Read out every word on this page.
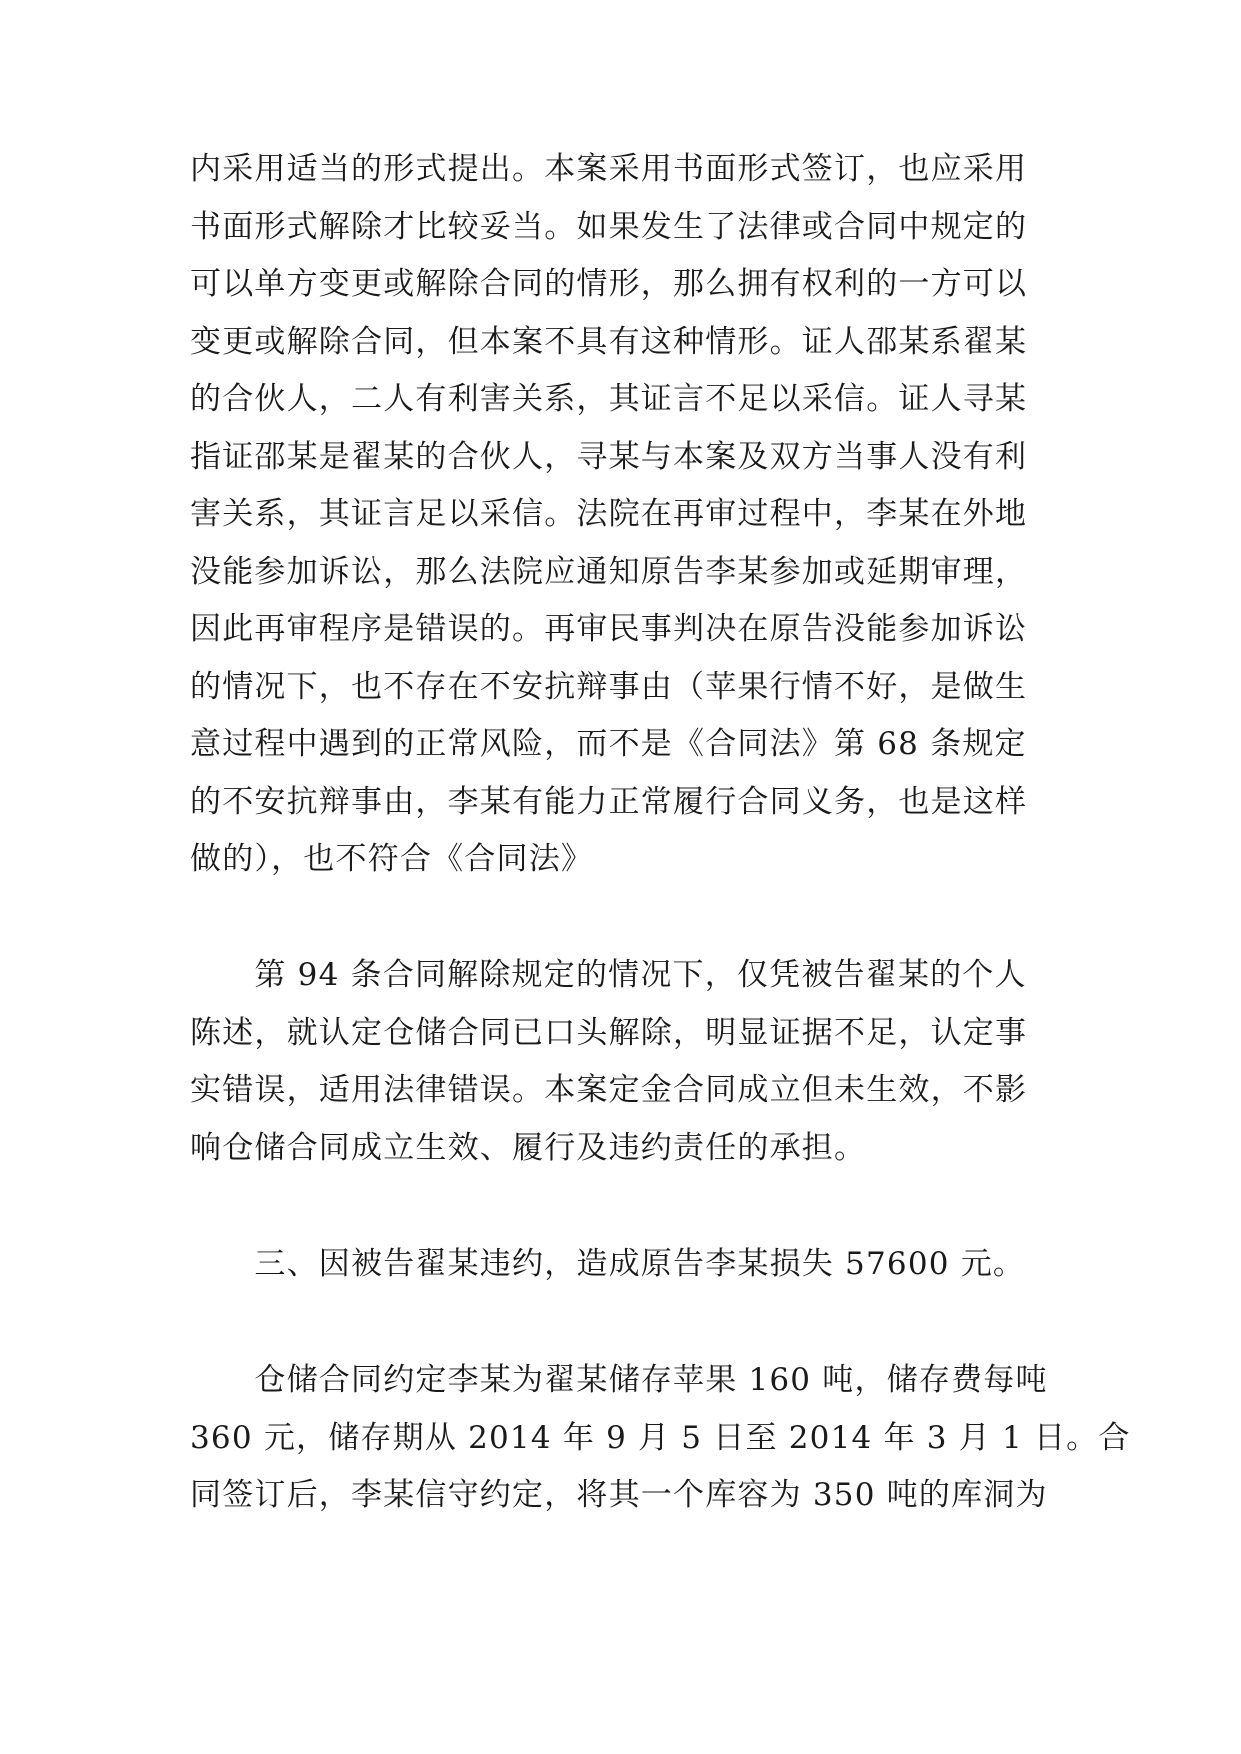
内采用适当的形式提出。本案采用书面形式签订，也应采用
书面形式解除才比较妥当。如果发生了法律或合同中规定的
可以单方变更或解除合同的情形，那么拥有权利的一方可以
变更或解除合同，但本案不具有这种情形。证人邵某系翟某
的合伙人，二人有利害关系，其证言不足以采信。证人寻某
指证邵某是翟某的合伙人，寻某与本案及双方当事人没有利
害关系，其证言足以采信。法院在再审过程中，李某在外地
没能参加诉讼，那么法院应通知原告李某参加或延期审理，
因此再审程序是错误的。再审民事判决在原告没能参加诉讼
的情况下，也不存在不安抗辩事由（苹果行情不好，是做生
意过程中遇到的正常风险，而不是《合同法》第 68 条规定
的不安抗辩事由，李某有能力正常履行合同义务，也是这样
做的），也不符合《合同法》
　　第 94 条合同解除规定的情况下，仅凭被告翟某的个人
陈述，就认定仓储合同已口头解除，明显证据不足，认定事
实错误，适用法律错误。本案定金合同成立但未生效，不影
响仓储合同成立生效、履行及违约责任的承担。
　　三、因被告翟某违约，造成原告李某损失 57600 元。
　　仓储合同约定李某为翟某储存苹果 160 吨，储存费每吨
360 元，储存期从 2014 年 9 月 5 日至 2014 年 3 月 1 日。合
同签订后，李某信守约定，将其一个库容为 350 吨的库洞为
